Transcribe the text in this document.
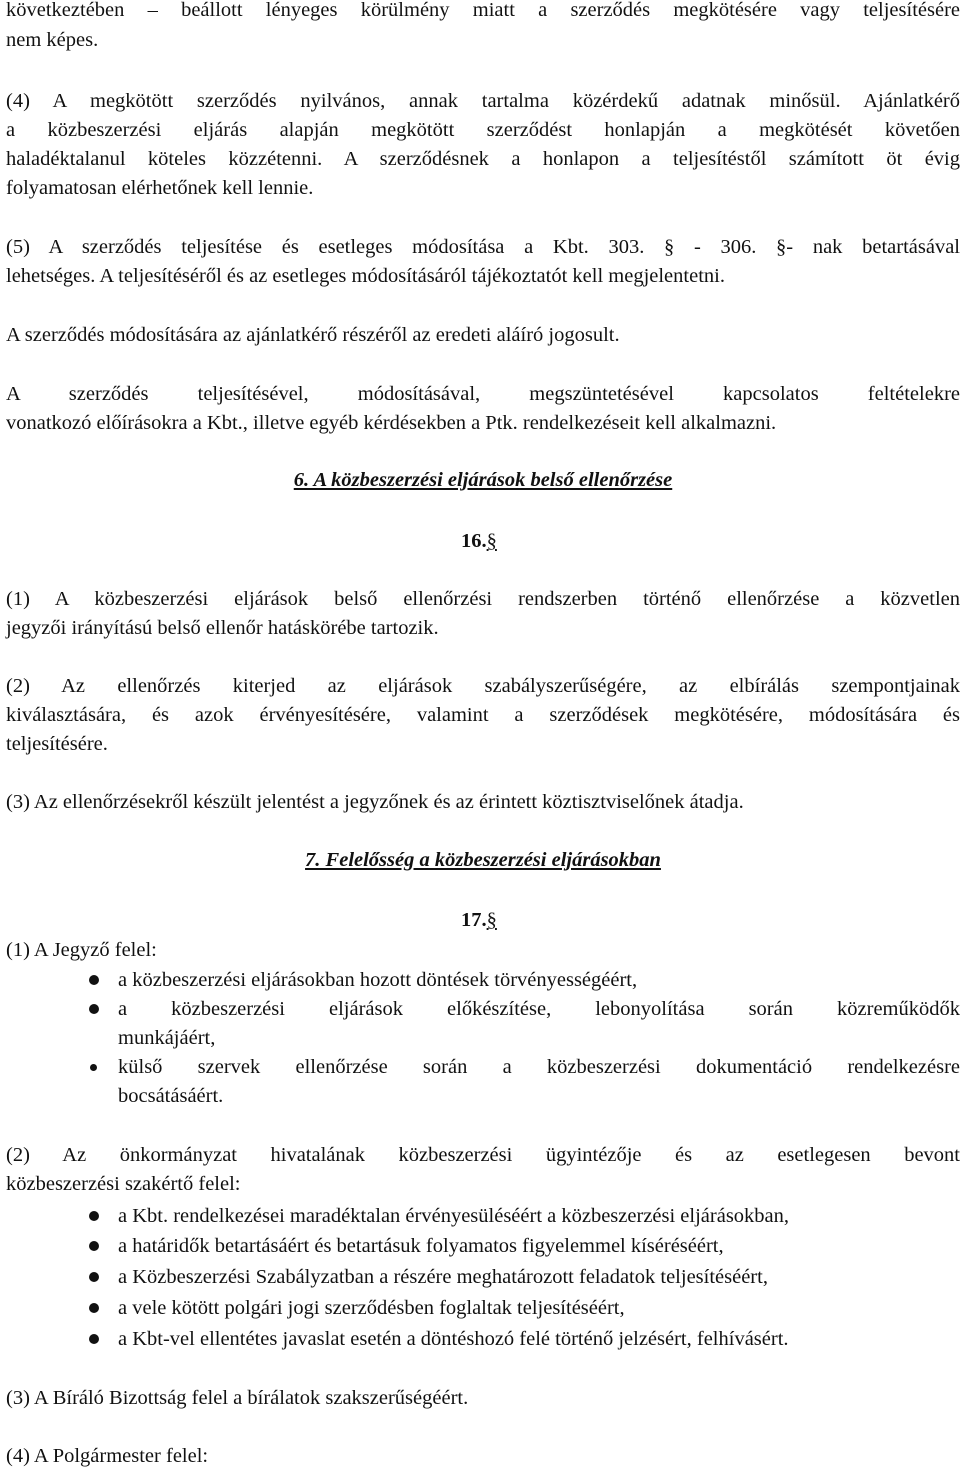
következtében – beállott lényeges körülmény miatt a szerződés megkötésére vagy teljesítésére
nem képes.
(4) A megkötött szerződés nyilvános, annak tartalma közérdekű adatnak minősül. Ajánlatkérő
a közbeszerzési eljárás alapján megkötött szerződést honlapján a megkötését követően
haladéktalanul köteles közzétenni. A szerződésnek a honlapon a teljesítéstől számított öt évig
folyamatosan elérhetőnek kell lennie.
(5) A szerződés teljesítése és esetleges módosítása a Kbt. 303. § - 306. §- nak betartásával
lehetséges. A teljesítéséről és az esetleges módosításáról tájékoztatót kell megjelentetni.
A szerződés módosítására az ajánlatkérő részéről az eredeti aláíró jogosult.
A szerződés teljesítésével, módosításával, megszüntetésével kapcsolatos feltételekre
vonatkozó előírásokra a Kbt., illetve egyéb kérdésekben a Ptk. rendelkezéseit kell alkalmazni.
6. A közbeszerzési eljárások belső ellenőrzése
16.§
(1) A közbeszerzési eljárások belső ellenőrzési rendszerben történő ellenőrzése a közvetlen
jegyzői irányítású belső ellenőr hatáskörébe tartozik.
(2) Az ellenőrzés kiterjed az eljárások szabályszerűségére, az elbírálás szempontjainak
kiválasztására, és azok érvényesítésére, valamint a szerződések megkötésére, módosítására és
teljesítésére.
(3) Az ellenőrzésekről készült jelentést a jegyzőnek és az érintett köztisztviselőnek átadja.
7. Felelősség a közbeszerzési eljárásokban
17.§
(1) A Jegyző felel:
a közbeszerzési eljárásokban hozott döntések törvényességéért,
a közbeszerzési eljárások előkészítése, lebonyolítása során közreműködők
munkájáért,
külső szervek ellenőrzése során a közbeszerzési dokumentáció rendelkezésre
bocsátásáért.
(2) Az önkormányzat hivatalának közbeszerzési ügyintézője és az esetlegesen bevont
közbeszerzési szakértő felel:
a Kbt. rendelkezései maradéktalan érvényesüléséért a közbeszerzési eljárásokban,
a határidők betartásáért és betartásuk folyamatos figyelemmel kíséréséért,
a Közbeszerzési Szabályzatban a részére meghatározott feladatok teljesítéséért,
a vele kötött polgári jogi szerződésben foglaltak teljesítéséért,
a Kbt-vel ellentétes javaslat esetén a döntéshozó felé történő jelzésért, felhívásért.
(3) A Bíráló Bizottság felel a bírálatok szakszerűségéért.
(4) A Polgármester felel:
